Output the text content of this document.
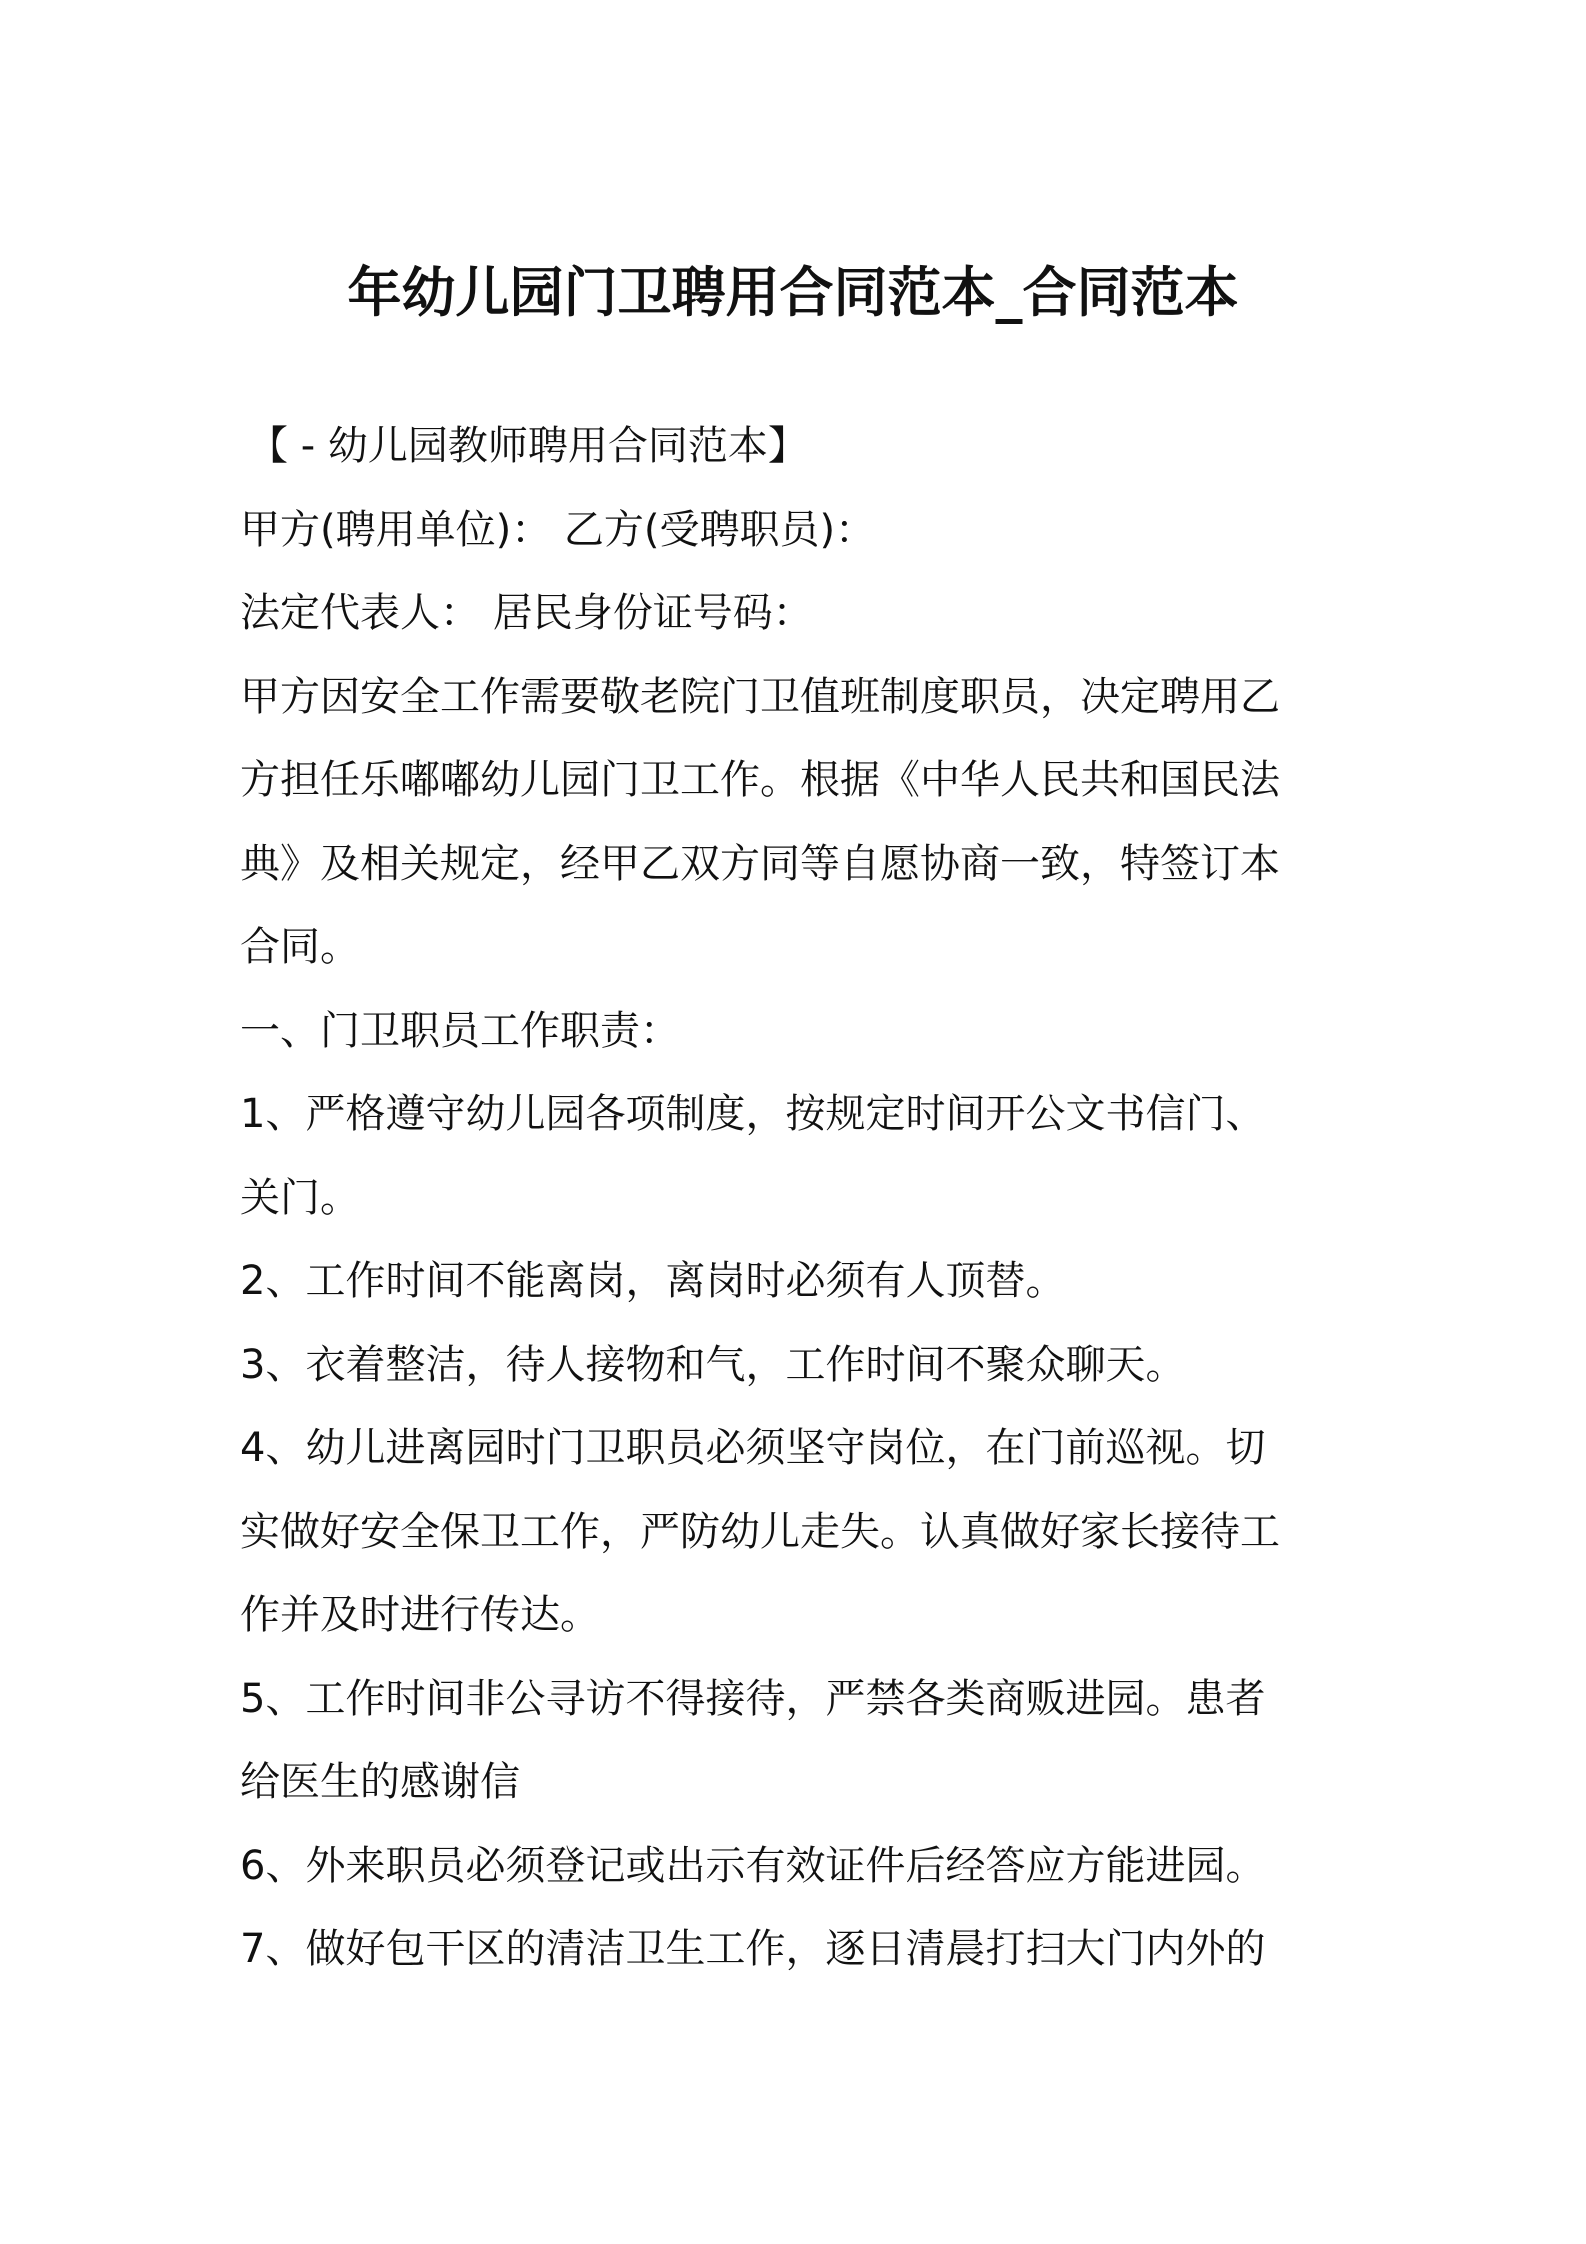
年幼儿园门卫聘用合同范本_合同范本
【 - 幼儿园教师聘用合同范本】
甲方(聘用单位)： 乙方(受聘职员)：
法定代表人： 居民身份证号码：
甲方因安全工作需要敬老院门卫值班制度职员，决定聘用乙
方担任乐嘟嘟幼儿园门卫工作。根据《中华人民共和国民法
典》及相关规定，经甲乙双方同等自愿协商一致，特签订本
合同。
一、门卫职员工作职责：
1、严格遵守幼儿园各项制度，按规定时间开公文书信门、
关门。
2、工作时间不能离岗，离岗时必须有人顶替。
3、衣着整洁，待人接物和气，工作时间不聚众聊天。
4、幼儿进离园时门卫职员必须坚守岗位，在门前巡视。切
实做好安全保卫工作，严防幼儿走失。认真做好家长接待工
作并及时进行传达。
5、工作时间非公寻访不得接待，严禁各类商贩进园。患者
给医生的感谢信
6、外来职员必须登记或出示有效证件后经答应方能进园。
7、做好包干区的清洁卫生工作，逐日清晨打扫大门内外的
